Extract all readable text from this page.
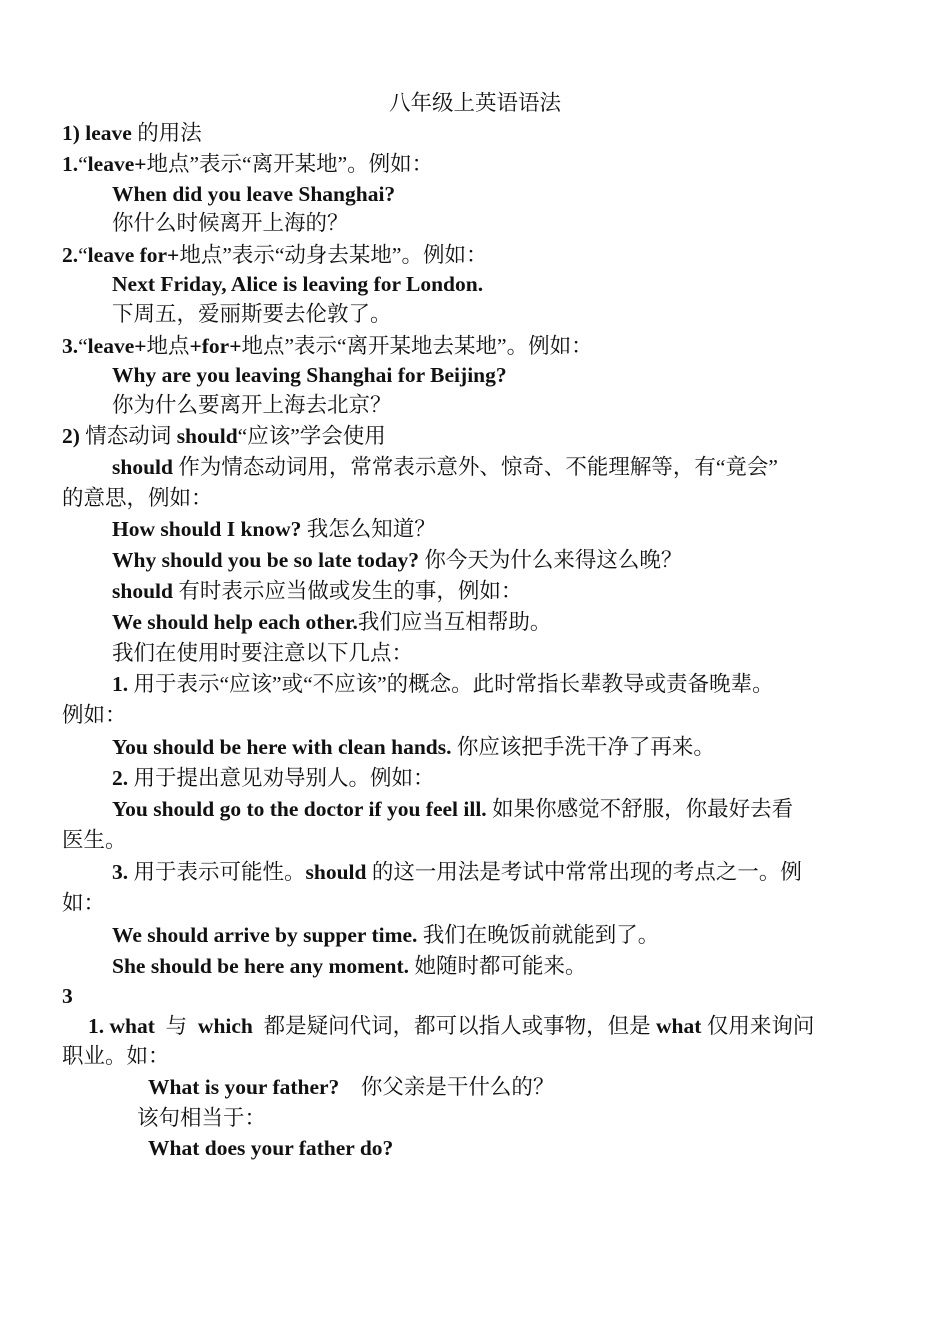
八年级上英语语法
1) leave 的用法
1.“leave+地点”表示“离开某地”。例如：
When did you leave Shanghai?
你什么时候离开上海的？
2.“leave for+地点”表示“动身去某地”。例如：
Next Friday, Alice is leaving for London.
下周五，爱丽斯要去伦敦了。
3.“leave+地点+for+地点”表示“离开某地去某地”。例如：
Why are you leaving Shanghai for Beijing?
你为什么要离开上海去北京？
2) 情态动词 should“应该”学会使用
should 作为情态动词用，常常表示意外、惊奇、不能理解等，有“竟会”
的意思，例如：
How should I know? 我怎么知道？
Why should you be so late today? 你今天为什么来得这么晚？
should 有时表示应当做或发生的事，例如：
We should help each other.我们应当互相帮助。
我们在使用时要注意以下几点：
1. 用于表示“应该”或“不应该”的概念。此时常指长辈教导或责备晚辈。
例如：
You should be here with clean hands. 你应该把手洗干净了再来。
2. 用于提出意见劝导别人。例如：
You should go to the doctor if you feel ill. 如果你感觉不舒服，你最好去看
医生。
3. 用于表示可能性。should 的这一用法是考试中常常出现的考点之一。例
如：
We should arrive by supper time. 我们在晚饭前就能到了。
She should be here any moment. 她随时都可能来。
3
1. what  与  which  都是疑问代词，都可以指人或事物，但是 what 仅用来询问
职业。如：
What is your father?    你父亲是干什么的？
该句相当于：
What does your father do?
